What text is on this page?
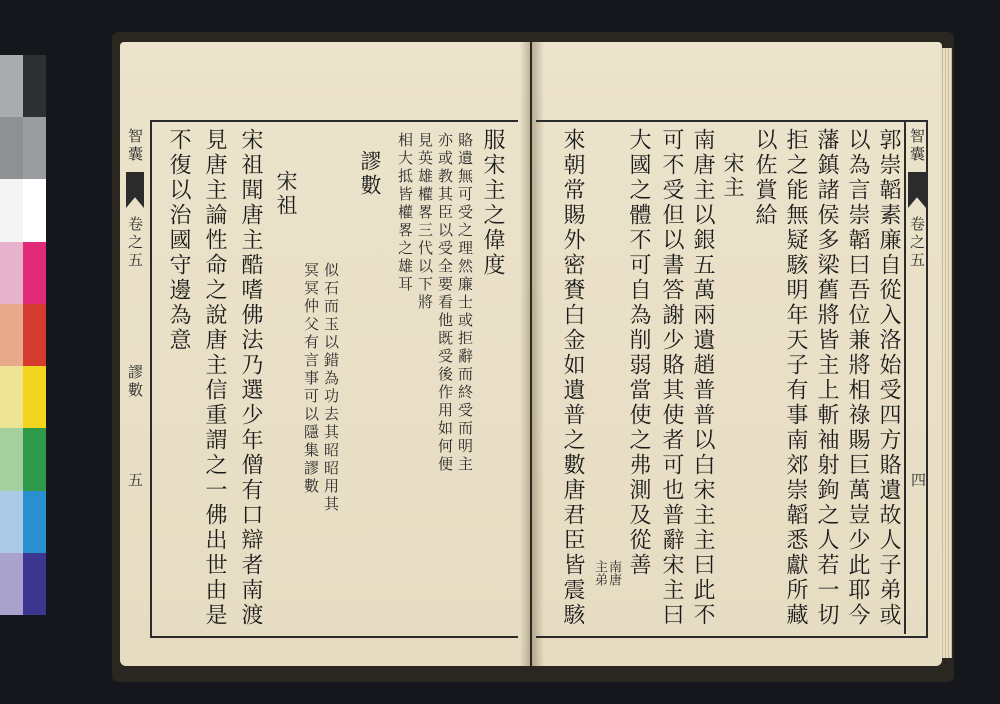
智囊
卷之五
四
智囊
卷之五
謬數
五	郭崇韜素廉自從入洛始受四方賂遺故人子弟或
以為言崇韜曰吾位兼將相祿賜巨萬豈少此耶今
藩鎮諸侯多梁舊將皆主上斬袖射鉤之人若一切
拒之能無疑駭明年天子有事南郊崇韜悉獻所藏
以佐賞給
宋主
南唐主以銀五萬兩遺趙普普以白宋主主曰此不
可不受但以書答謝少賂其使者可也普辭宋主曰
大國之體不可自為削弱當使之弗測及從善
南唐
主弟
來朝常賜外密賚白金如遺普之數唐君臣皆震駭
服宋主之偉度
賂遺無可受之理然廉士或拒辭而終受而明主
亦或教其臣以受全要看他既受後作用如何便
見英雄權畧三代以下將
相大抵皆權畧之雄耳
謬數
似石而玉以錯為功去其昭昭用其
冥冥仲父有言事可以隱集謬數
宋祖
宋祖聞唐主酷嗜佛法乃選少年僧有口辯者南渡
見唐主論性命之說唐主信重謂之一佛出世由是
不復以治國守邊為意
